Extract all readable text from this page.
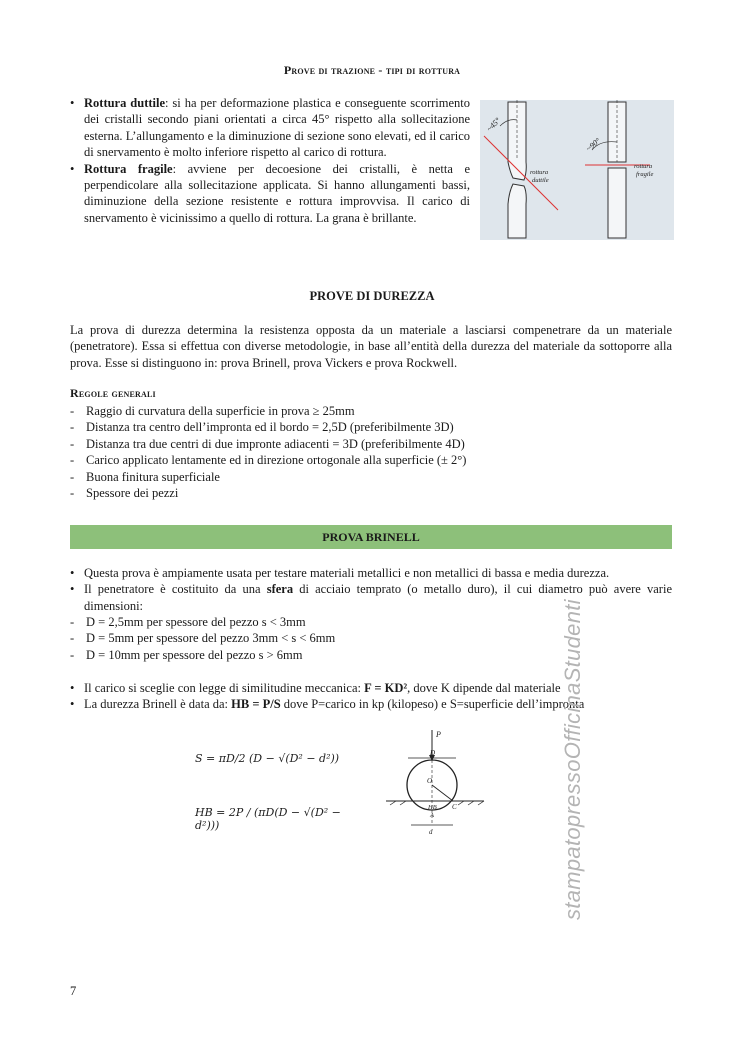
Prove di trazione - tipi di rottura
• Rottura duttile: si ha per deformazione plastica e conseguente scorrimento dei cristalli secondo piani orientati a circa 45° rispetto alla sollecitazione esterna. L’allungamento e la diminuzione di sezione sono elevati, ed il carico di snervamento è molto inferiore rispetto al carico di rottura.
• Rottura fragile: avviene per decoesione dei cristalli, è netta e perpendicolare alla sollecitazione applicata. Si hanno allungamenti bassi, diminuzione della sezione resistente e rottura improvvisa. Il carico di snervamento è vicinissimo a quello di rottura. La grana è brillante.
~45°
rottura
duttile
~90°
rottura
fragile
PROVE DI DUREZZA
La prova di durezza determina la resistenza opposta da un materiale a lasciarsi compenetrare da un materiale (penetratore). Essa si effettua con diverse metodologie, in base all’entità della durezza del materiale da sottoporre alla prova. Esse si distinguono in: prova Brinell, prova Vickers e prova Rockwell.
Regole generali
- Raggio di curvatura della superficie in prova ≥ 25mm
- Distanza tra centro dell’impronta ed il bordo = 2,5D (preferibilmente 3D)
- Distanza tra due centri di due impronte adiacenti = 3D (preferibilmente 4D)
- Carico applicato lentamente ed in direzione ortogonale alla superficie (± 2°)
- Buona finitura superficiale
- Spessore dei pezzi
PROVA BRINELL
• Questa prova è ampiamente usata per testare materiali metallici e non metallici di bassa e media durezza.
• Il penetratore è costituito da una sfera di acciaio temprato (o metallo duro), il cui diametro può avere varie dimensioni:
- D = 2,5mm per spessore del pezzo s < 3mm
- D = 5mm per spessore del pezzo 3mm < s < 6mm
- D = 10mm per spessore del pezzo s > 6mm
• Il carico si sceglie con legge di similitudine meccanica: F = KD², dove K dipende dal materiale
• La durezza Brinell è data da: HB = P/S dove P=carico in kp (kilopeso) e S=superficie dell’impronta
S = πD/2 (D − √(D² − d²))
HB = 2P / (πD(D − √(D² − d²)))
P
D
O
HB C
A
d	stampatopressoOfficinaStudenti
7
